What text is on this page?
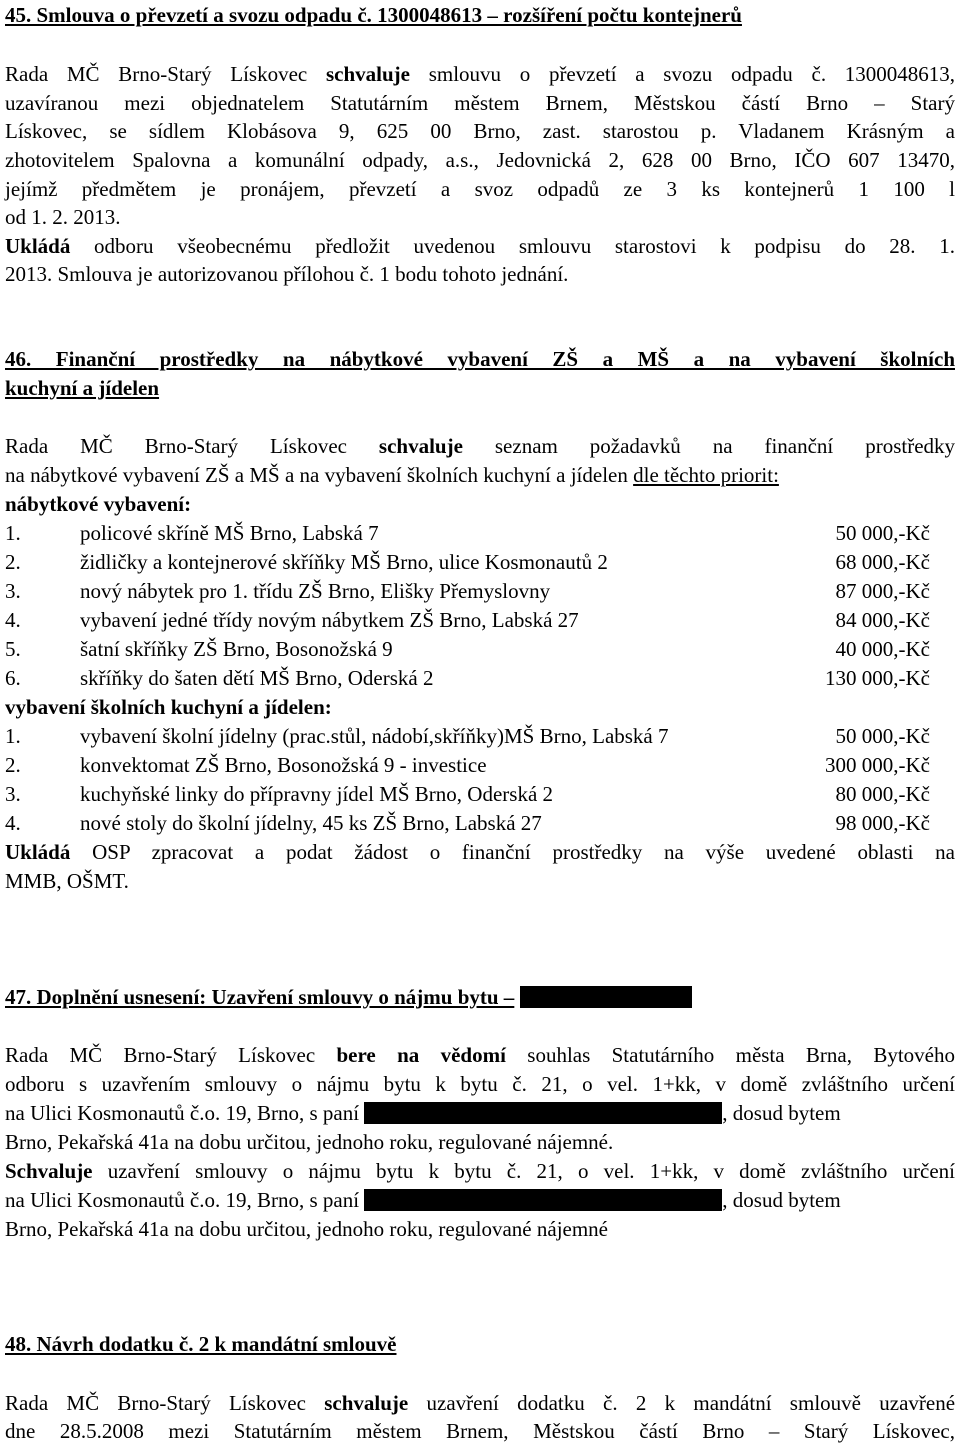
45. Smlouva o převzetí a svozu odpadu č. 1300048613 – rozšíření počtu kontejnerů
Rada MČ Brno-Starý Lískovec schvaluje smlouvu o převzetí a svozu odpadu č. 1300048613,
uzavíranou mezi objednatelem Statutárním městem Brnem, Městskou částí Brno – Starý
Lískovec, se sídlem Klobásova 9, 625 00 Brno, zast. starostou p. Vladanem Krásným a
zhotovitelem Spalovna a komunální odpady, a.s., Jedovnická 2, 628 00 Brno, IČO 607 13470,
jejímž předmětem je pronájem, převzetí a svoz odpadů ze 3 ks kontejnerů 1 100 l
od 1. 2. 2013.
Ukládá odboru všeobecnému předložit uvedenou smlouvu starostovi k podpisu do 28. 1.
2013. Smlouva je autorizovanou přílohou č. 1 bodu tohoto jednání.
46. Finanční prostředky na nábytkové vybavení ZŠ a MŠ a na vybavení školních
kuchyní a jídelen
Rada MČ Brno-Starý Lískovec schvaluje seznam požadavků na finanční prostředky
na nábytkové vybavení ZŠ a MŠ a na vybavení školních kuchyní a jídelen dle těchto priorit:
nábytkové vybavení:
1.	policové skříně MŠ Brno, Labská 7	50 000,-Kč
2.	židličky a kontejnerové skříňky MŠ Brno, ulice Kosmonautů 2	68 000,-Kč
3.	nový nábytek pro 1. třídu ZŠ Brno, Elišky Přemyslovny	87 000,-Kč
4.	vybavení jedné třídy novým nábytkem ZŠ Brno, Labská 27	84 000,-Kč
5.	šatní skříňky ZŠ Brno, Bosonožská 9	40 000,-Kč
6.	skříňky do šaten dětí MŠ Brno, Oderská 2	130 000,-Kč
vybavení školních kuchyní a jídelen:
1.	vybavení školní jídelny (prac.stůl, nádobí,skříňky)MŠ Brno, Labská 7	50 000,-Kč
2.	konvektomat ZŠ Brno, Bosonožská 9 - investice	300 000,-Kč
3.	kuchyňské linky do přípravny jídel MŠ Brno, Oderská 2	80 000,-Kč
4.	nové stoly do školní jídelny, 45 ks ZŠ Brno, Labská 27	98 000,-Kč
Ukládá OSP zpracovat a podat žádost o finanční prostředky na výše uvedené oblasti na
MMB, OŠMT.
47. Doplnění usnesení: Uzavření smlouvy o nájmu bytu –
Rada MČ Brno-Starý Lískovec bere na vědomí souhlas Statutárního města Brna, Bytového
odboru s uzavřením smlouvy o nájmu bytu k bytu č. 21, o vel. 1+kk, v domě zvláštního určení
na Ulici Kosmonautů č.o. 19, Brno, s paní	, dosud bytem
Brno, Pekařská 41a na dobu určitou, jednoho roku, regulované nájemné.
Schvaluje uzavření smlouvy o nájmu bytu k bytu č. 21, o vel. 1+kk, v domě zvláštního určení
na Ulici Kosmonautů č.o. 19, Brno, s paní	, dosud bytem
Brno, Pekařská 41a na dobu určitou, jednoho roku, regulované nájemné
48. Návrh dodatku č. 2 k mandátní smlouvě
Rada MČ Brno-Starý Lískovec schvaluje uzavření dodatku č. 2 k mandátní smlouvě uzavřené
dne 28.5.2008 mezi Statutárním městem Brnem, Městskou částí Brno – Starý Lískovec,
